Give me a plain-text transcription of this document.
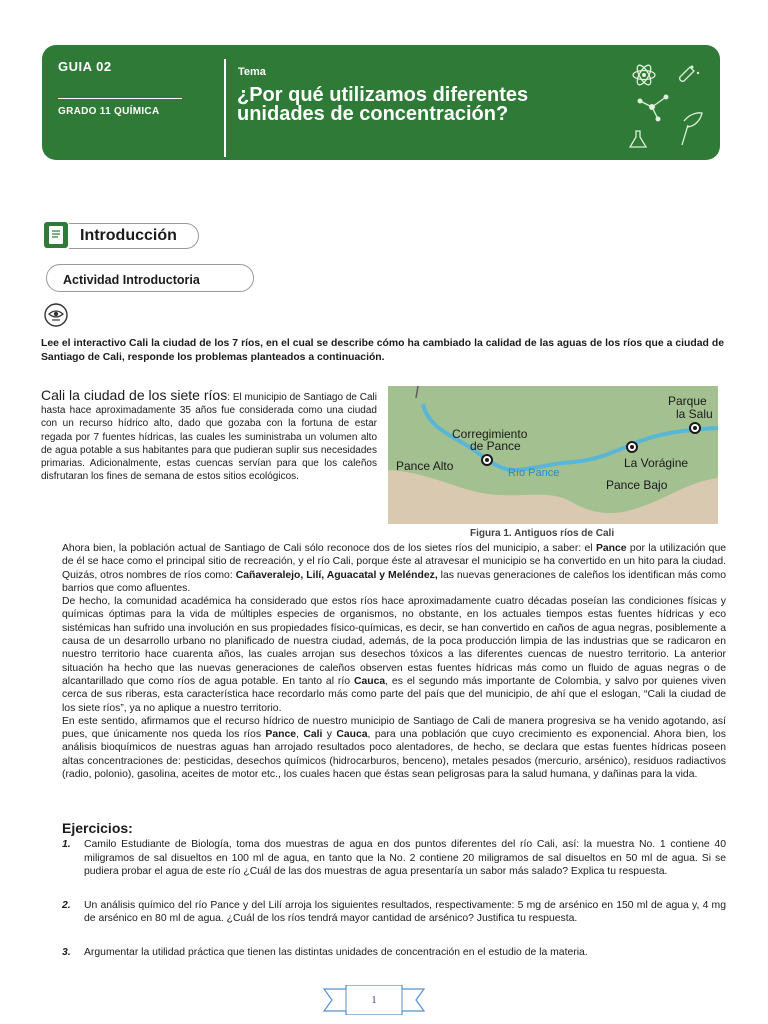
GUIA 02
GRADO 11 QUÍMICA
Tema
¿Por qué utilizamos diferentes unidades de concentración?
Introducción
Actividad Introductoria
Lee el interactivo Cali la ciudad de los 7 ríos, en el cual se describe cómo ha cambiado la calidad de las aguas de los ríos que a ciudad de Santiago de Cali, responde los problemas planteados a continuación.
Cali la ciudad de los siete ríos: El municipio de Santiago de Cali hasta hace aproximadamente 35 años fue considerada como una ciudad con un recurso hídrico alto, dado que gozaba con la fortuna de estar regada por 7 fuentes hídricas, las cuales les suministraba un volumen alto de agua potable a sus habitantes para que pudieran suplir sus necesidades primarias. Adicionalmente, estas cuencas servían para que los caleños disfrutaran los fines de semana de estos sitios ecológicos.
Parque
la Salu
Corregimiento
de Pance
Pance Alto	La Vorágine
Pance Bajo
Río Pance
Figura 1. Antiguos ríos de Cali

Ahora bien, la población actual de Santiago de Cali sólo reconoce dos de los sietes ríos del municipio, a saber: el Pance por la utilización que de él se hace como el principal sitio de recreación, y el río Cali, porque éste al atravesar el municipio se ha convertido en un hito para la ciudad. Quizás, otros nombres de ríos como: Cañaveralejo, Lilí, Aguacatal y Meléndez, las nuevas generaciones de caleños los identifican más como barrios que como afluentes.

De hecho, la comunidad académica ha considerado que estos ríos hace aproximadamente cuatro décadas poseían las condiciones físicas y químicas óptimas para la vida de múltiples especies de organismos, no obstante, en los actuales tiempos estas fuentes hídricas y eco sistémicas han sufrido una involución en sus propiedades físico-químicas, es decir, se han convertido en caños de agua negras, posiblemente a causa de un desarrollo urbano no planificado de nuestra ciudad, además, de la poca producción limpia de las industrias que se radicaron en nuestro territorio hace cuarenta años, las cuales arrojan sus desechos tóxicos a las diferentes cuencas de nuestro territorio. La anterior situación ha hecho que las nuevas generaciones de caleños observen estas fuentes hídricas más como un fluido de aguas negras o de alcantarillado que como ríos de agua potable. En tanto al río Cauca, es el segundo más importante de Colombia, y salvo por quienes viven cerca de sus riberas, esta característica hace recordarlo más como parte del país que del municipio, de ahí que el eslogan, “Cali la ciudad de los siete ríos”, ya no aplique a nuestro territorio.

En este sentido, afirmamos que el recurso hídrico de nuestro municipio de Santiago de Cali de manera progresiva se ha venido agotando, así pues, que únicamente nos queda los ríos Pance, Cali y Cauca, para una población que cuyo crecimiento es exponencial. Ahora bien, los análisis bioquímicos de nuestras aguas han arrojado resultados poco alentadores, de hecho, se declara que estas fuentes hídricas poseen altas concentraciones de: pesticidas, desechos químicos (hidrocarburos, benceno), metales pesados (mercurio, arsénico), residuos radiactivos (radio, polonio), gasolina, aceites de motor etc., los cuales hacen que éstas sean peligrosas para la salud humana, y dañinas para la vida.

Ejercicios:
1. Camilo Estudiante de Biología, toma dos muestras de agua en dos puntos diferentes del río Cali, así: la muestra No. 1 contiene 40 miligramos de sal disueltos en 100 ml de agua, en tanto que la No. 2 contiene 20 miligramos de sal disueltos en 50 ml de agua. Si se pudiera probar el agua de este río ¿Cuál de las dos muestras de agua presentaría un sabor más salado? Explica tu respuesta.
2. Un análisis químico del río Pance y del Lilí arroja los siguientes resultados, respectivamente: 5 mg de arsénico en 150 ml de agua y, 4 mg de arsénico en 80 ml de agua. ¿Cuál de los ríos tendrá mayor cantidad de arsénico? Justifica tu respuesta.
3. Argumentar la utilidad práctica que tienen las distintas unidades de concentración en el estudio de la materia.
1
